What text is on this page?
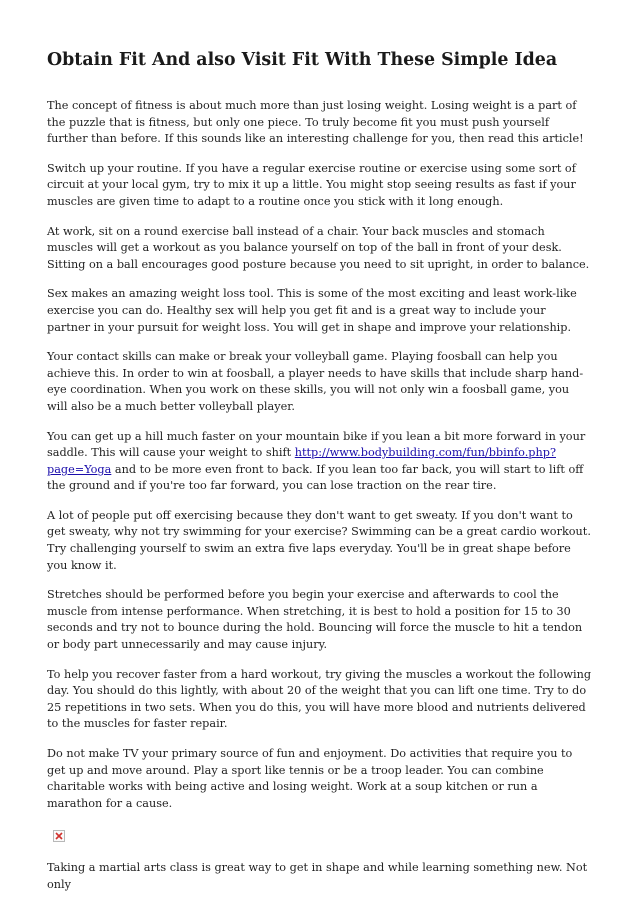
Obtain Fit And also Visit Fit With These Simple Idea

The concept of fitness is about much more than just losing weight. Losing weight is a part of the puzzle that is fitness, but only one piece. To truly become fit you must push yourself further than before. If this sounds like an interesting challenge for you, then read this article!

Switch up your routine. If you have a regular exercise routine or exercise using some sort of circuit at your local gym, try to mix it up a little. You might stop seeing results as fast if your muscles are given time to adapt to a routine once you stick with it long enough.

At work, sit on a round exercise ball instead of a chair. Your back muscles and stomach muscles will get a workout as you balance yourself on top of the ball in front of your desk. Sitting on a ball encourages good posture because you need to sit upright, in order to balance.

Sex makes an amazing weight loss tool. This is some of the most exciting and least work-like exercise you can do. Healthy sex will help you get fit and is a great way to include your partner in your pursuit for weight loss. You will get in shape and improve your relationship.

Your contact skills can make or break your volleyball game. Playing foosball can help you achieve this. In order to win at foosball, a player needs to have skills that include sharp hand-eye coordination. When you work on these skills, you will not only win a foosball game, you will also be a much better volleyball player.

You can get up a hill much faster on your mountain bike if you lean a bit more forward in your saddle. This will cause your weight to shift http://www.bodybuilding.com/fun/bbinfo.php?page=Yoga and to be more even front to back. If you lean too far back, you will start to lift off the ground and if you're too far forward, you can lose traction on the rear tire.

A lot of people put off exercising because they don't want to get sweaty. If you don't want to get sweaty, why not try swimming for your exercise? Swimming can be a great cardio workout. Try challenging yourself to swim an extra five laps everyday. You'll be in great shape before you know it.

Stretches should be performed before you begin your exercise and afterwards to cool the muscle from intense performance. When stretching, it is best to hold a position for 15 to 30 seconds and try not to bounce during the hold. Bouncing will force the muscle to hit a tendon or body part unnecessarily and may cause injury.

To help you recover faster from a hard workout, try giving the muscles a workout the following day. You should do this lightly, with about 20 of the weight that you can lift one time. Try to do 25 repetitions in two sets. When you do this, you will have more blood and nutrients delivered to the muscles for faster repair.

Do not make TV your primary source of fun and enjoyment. Do activities that require you to get up and move around. Play a sport like tennis or be a troop leader. You can combine charitable works with being active and losing weight. Work at a soup kitchen or run a marathon for a cause.

Taking a martial arts class is great way to get in shape and while learning something new. Not only
